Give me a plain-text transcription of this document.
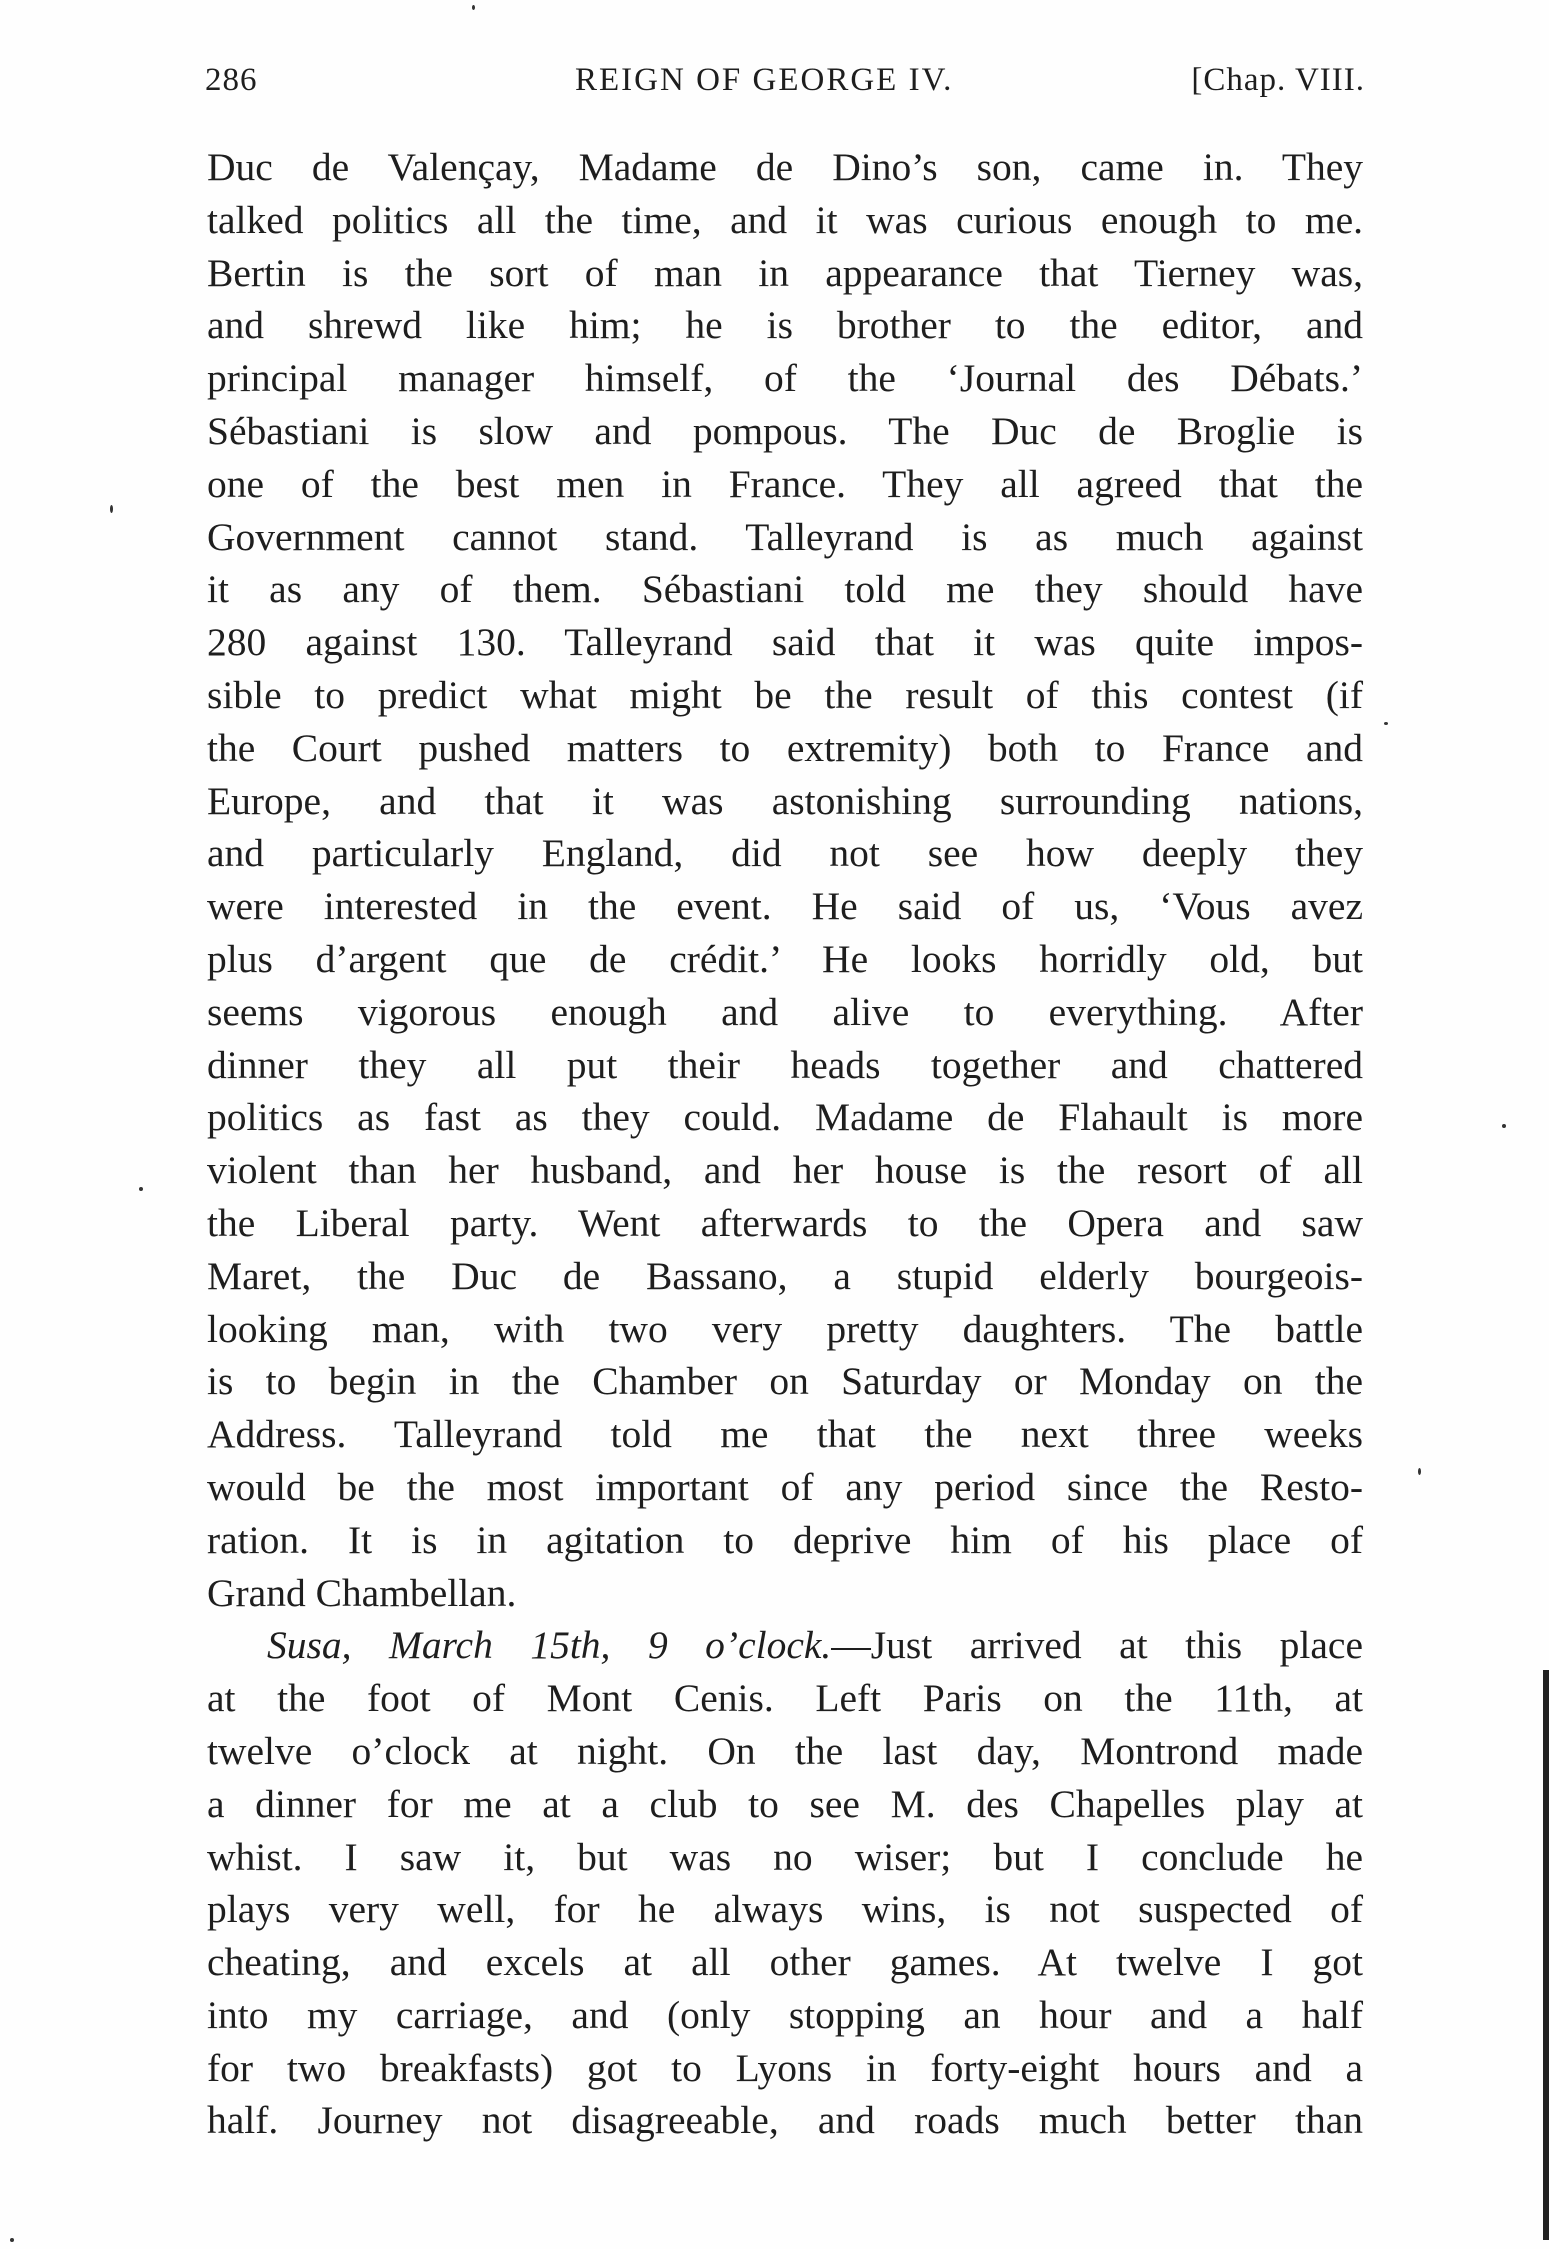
286	REIGN OF GEORGE IV.	[Chap. VIII.
Duc de Valençay, Madame de Dino’s son, came in. They
talked politics all the time, and it was curious enough to me.
Bertin is the sort of man in appearance that Tierney was,
and shrewd like him; he is brother to the editor, and
principal manager himself, of the ‘Journal des Débats.’
Sébastiani is slow and pompous. The Duc de Broglie is
one of the best men in France. They all agreed that the
Government cannot stand. Talleyrand is as much against
it as any of them. Sébastiani told me they should have
280 against 130. Talleyrand said that it was quite impos-
sible to predict what might be the result of this contest (if
the Court pushed matters to extremity) both to France and
Europe, and that it was astonishing surrounding nations,
and particularly England, did not see how deeply they
were interested in the event. He said of us, ‘Vous avez
plus d’argent que de crédit.’ He looks horridly old, but
seems vigorous enough and alive to everything. After
dinner they all put their heads together and chattered
politics as fast as they could. Madame de Flahault is more
violent than her husband, and her house is the resort of all
the Liberal party. Went afterwards to the Opera and saw
Maret, the Duc de Bassano, a stupid elderly bourgeois-
looking man, with two very pretty daughters. The battle
is to begin in the Chamber on Saturday or Monday on the
Address. Talleyrand told me that the next three weeks
would be the most important of any period since the Resto-
ration. It is in agitation to deprive him of his place of
Grand Chambellan.
Susa, March 15th, 9 o’clock.—Just arrived at this place
at the foot of Mont Cenis. Left Paris on the 11th, at
twelve o’clock at night. On the last day, Montrond made
a dinner for me at a club to see M. des Chapelles play at
whist. I saw it, but was no wiser; but I conclude he
plays very well, for he always wins, is not suspected of
cheating, and excels at all other games. At twelve I got
into my carriage, and (only stopping an hour and a half
for two breakfasts) got to Lyons in forty-eight hours and a
half. Journey not disagreeable, and roads much better than
